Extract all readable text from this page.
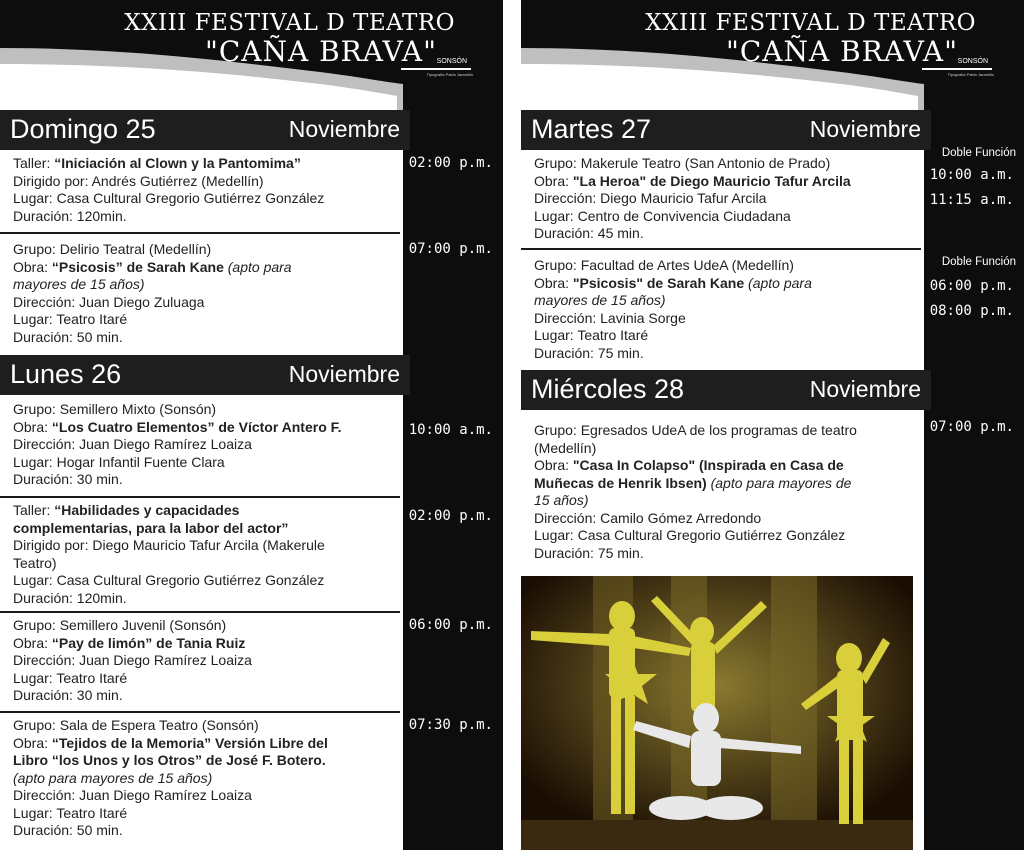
XXIII FESTIVAL D TEATRO
"CAÑA BRAVA" SONSÓN
Tipografía Pablo Jaramillo
Domingo 25	Noviembre
Taller: “Iniciación al Clown y la Pantomima”
Dirigido por: Andrés Gutiérrez (Medellín)
Lugar: Casa Cultural Gregorio Gutiérrez González
Duración: 120min.
02:00 p.m.
Grupo: Delirio Teatral (Medellín)
Obra: “Psicosis” de Sarah Kane (apto para
mayores de 15 años)
Dirección: Juan Diego Zuluaga
Lugar: Teatro Itaré
Duración: 50 min.
07:00 p.m.
Lunes 26	Noviembre
Grupo: Semillero Mixto (Sonsón)
Obra: “Los Cuatro Elementos” de Víctor Antero F.
Dirección: Juan Diego Ramírez Loaiza
Lugar: Hogar Infantil Fuente Clara
Duración: 30 min.
10:00 a.m.
Taller: “Habilidades y capacidades
complementarias, para la labor del actor”
Dirigido por: Diego Mauricio Tafur Arcila (Makerule
Teatro)
Lugar: Casa Cultural Gregorio Gutiérrez González
Duración: 120min.
02:00 p.m.
Grupo: Semillero Juvenil (Sonsón)
Obra: “Pay de limón” de Tania Ruiz
Dirección: Juan Diego Ramírez Loaiza
Lugar: Teatro Itaré
Duración: 30 min.
06:00 p.m.
Grupo: Sala de Espera Teatro (Sonsón)
Obra: “Tejidos de la Memoria” Versión Libre del
Libro “los Unos y los Otros” de José F. Botero.
(apto para mayores de 15 años)
Dirección: Juan Diego Ramírez Loaiza
Lugar: Teatro Itaré
Duración: 50 min.
07:30 p.m.
XXIII FESTIVAL D TEATRO
"CAÑA BRAVA" SONSÓN
Tipografía Pablo Jaramillo
Martes 27	Noviembre
Grupo: Makerule Teatro (San Antonio de Prado)
Obra: "La Heroa" de Diego Mauricio Tafur Arcila
Dirección: Diego Mauricio Tafur Arcila
Lugar: Centro de Convivencia Ciudadana
Duración: 45 min.
Doble Función
10:00 a.m.
11:15 a.m.
Grupo: Facultad de Artes UdeA (Medellín)
Obra: "Psicosis" de Sarah Kane (apto para
mayores de 15 años)
Dirección: Lavinia Sorge
Lugar: Teatro Itaré
Duración: 75 min.
Doble Función
06:00 p.m.
08:00 p.m.
Miércoles 28	Noviembre
Grupo: Egresados UdeA de los programas de teatro
(Medellín)
Obra: "Casa In Colapso" (Inspirada en Casa de
Muñecas de Henrik Ibsen) (apto para mayores de
15 años)
Dirección: Camilo Gómez Arredondo
Lugar: Casa Cultural Gregorio Gutiérrez González
Duración: 75 min.
07:00 p.m.
